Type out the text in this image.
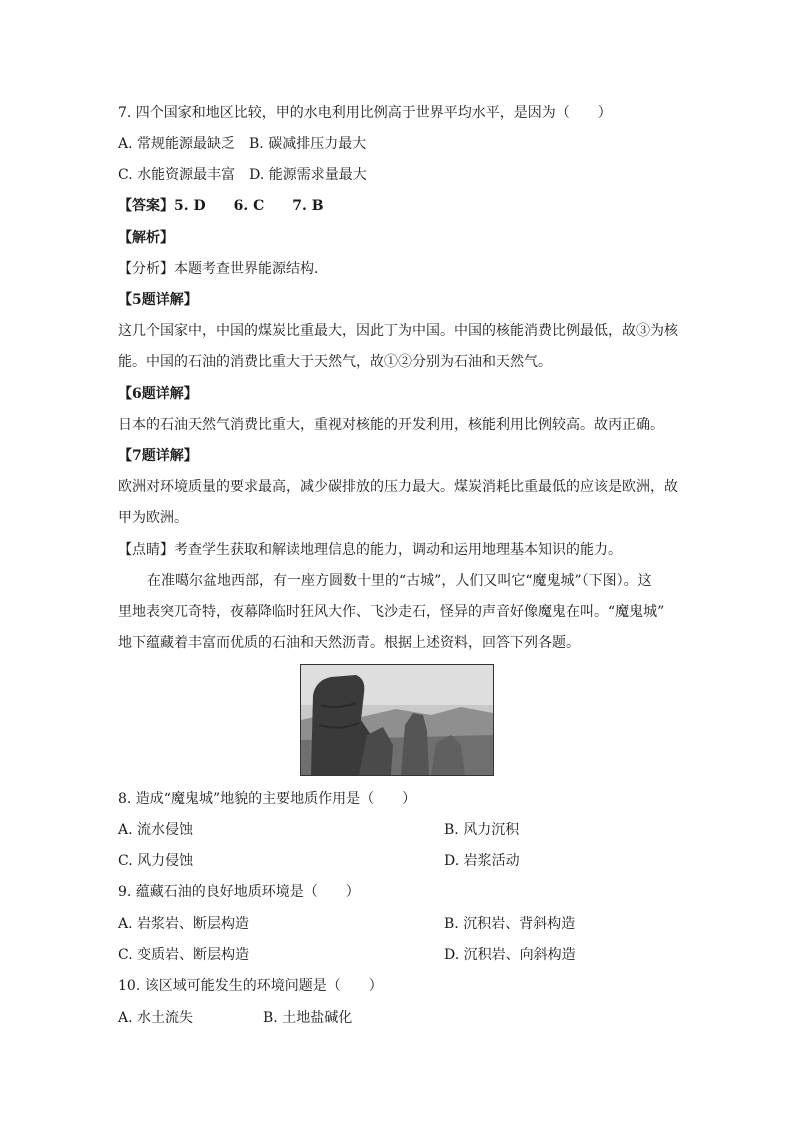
7. 四个国家和地区比较，甲的水电利用比例高于世界平均水平，是因为（　　）
A. 常规能源最缺乏　B. 碳减排压力最大
C. 水能资源最丰富　D. 能源需求量最大
【答案】5. D　　6. C　　7. B
【解析】
【分析】本题考查世界能源结构.
【5题详解】
这几个国家中，中国的煤炭比重最大，因此丁为中国。中国的核能消费比例最低，故③为核
能。中国的石油的消费比重大于天然气，故①②分别为石油和天然气。
【6题详解】
日本的石油天然气消费比重大，重视对核能的开发利用，核能利用比例较高。故丙正确。
【7题详解】
欧洲对环境质量的要求最高，减少碳排放的压力最大。煤炭消耗比重最低的应该是欧洲，故
甲为欧洲。
【点睛】考查学生获取和解读地理信息的能力，调动和运用地理基本知识的能力。
在准噶尔盆地西部，有一座方圆数十里的“古城”，人们又叫它“魔鬼城”（下图）。这
里地表突兀奇特，夜幕降临时狂风大作、飞沙走石，怪异的声音好像魔鬼在叫。“魔鬼城”
地下蕴藏着丰富而优质的石油和天然沥青。根据上述资料，回答下列各题。
8. 造成“魔鬼城”地貌的主要地质作用是（　　）
A. 流水侵蚀	B. 风力沉积
C. 风力侵蚀	D. 岩浆活动
9. 蕴藏石油的良好地质环境是（　　）
A. 岩浆岩、断层构造	B. 沉积岩、背斜构造
C. 变质岩、断层构造	D. 沉积岩、向斜构造
10. 该区域可能发生的环境问题是（　　）
A. 水土流失　　　　　B. 土地盐碱化
